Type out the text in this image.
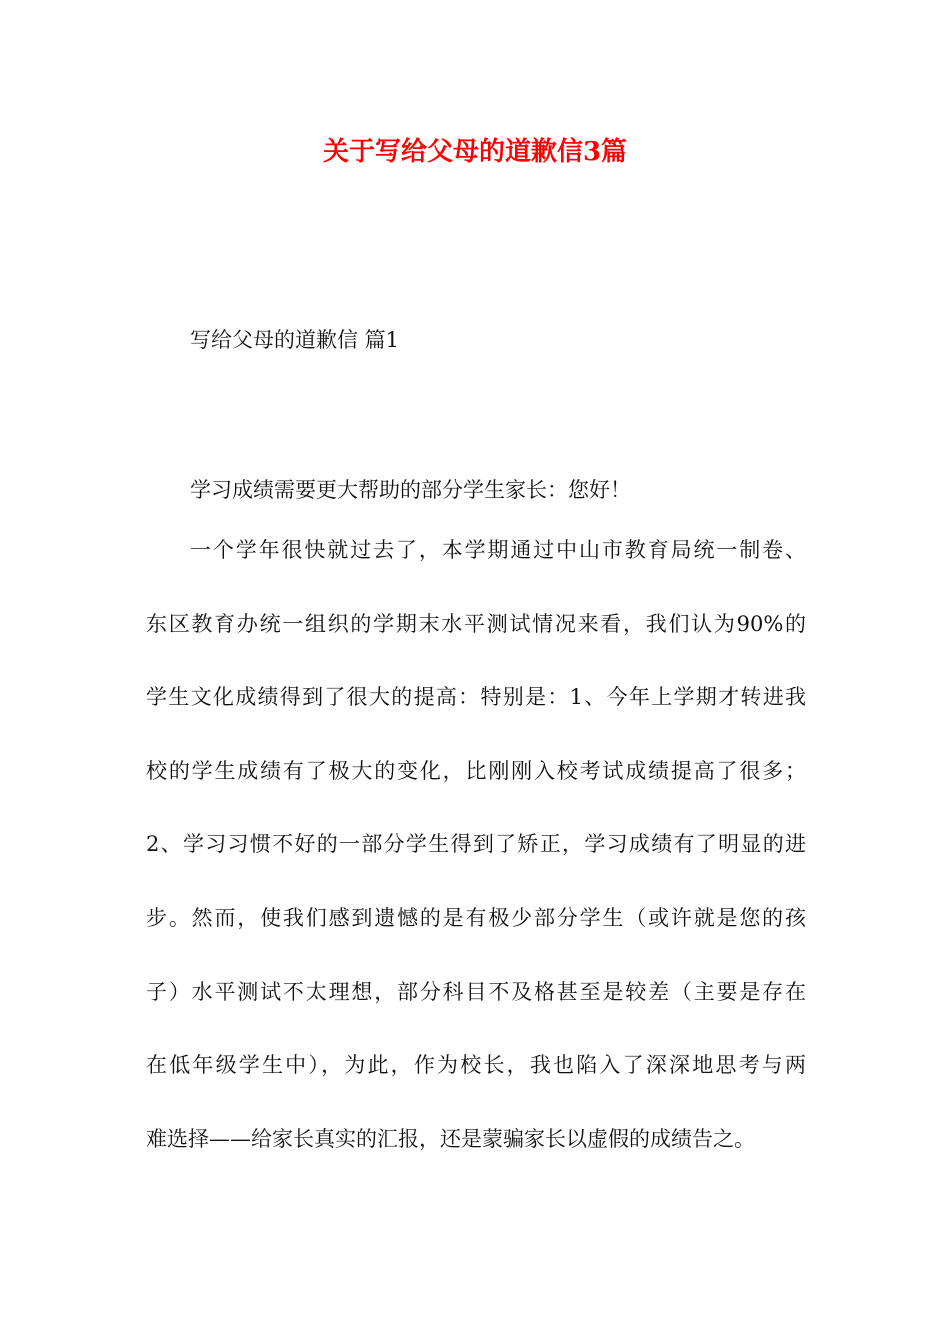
关于写给父母的道歉信3篇

写给父母的道歉信 篇1

学习成绩需要更大帮助的部分学生家长：您好！

一个学年很快就过去了，本学期通过中山市教育局统一制卷、
东区教育办统一组织的学期末水平测试情况来看，我们认为90%的
学生文化成绩得到了很大的提高：特别是：1、今年上学期才转进我
校的学生成绩有了极大的变化，比刚刚入校考试成绩提高了很多；
2、学习习惯不好的一部分学生得到了矫正，学习成绩有了明显的进
步。然而，使我们感到遗憾的是有极少部分学生（或许就是您的孩
子）水平测试不太理想，部分科目不及格甚至是较差（主要是存在
在低年级学生中），为此，作为校长，我也陷入了深深地思考与两
难选择——给家长真实的汇报，还是蒙骗家长以虚假的成绩告之。
